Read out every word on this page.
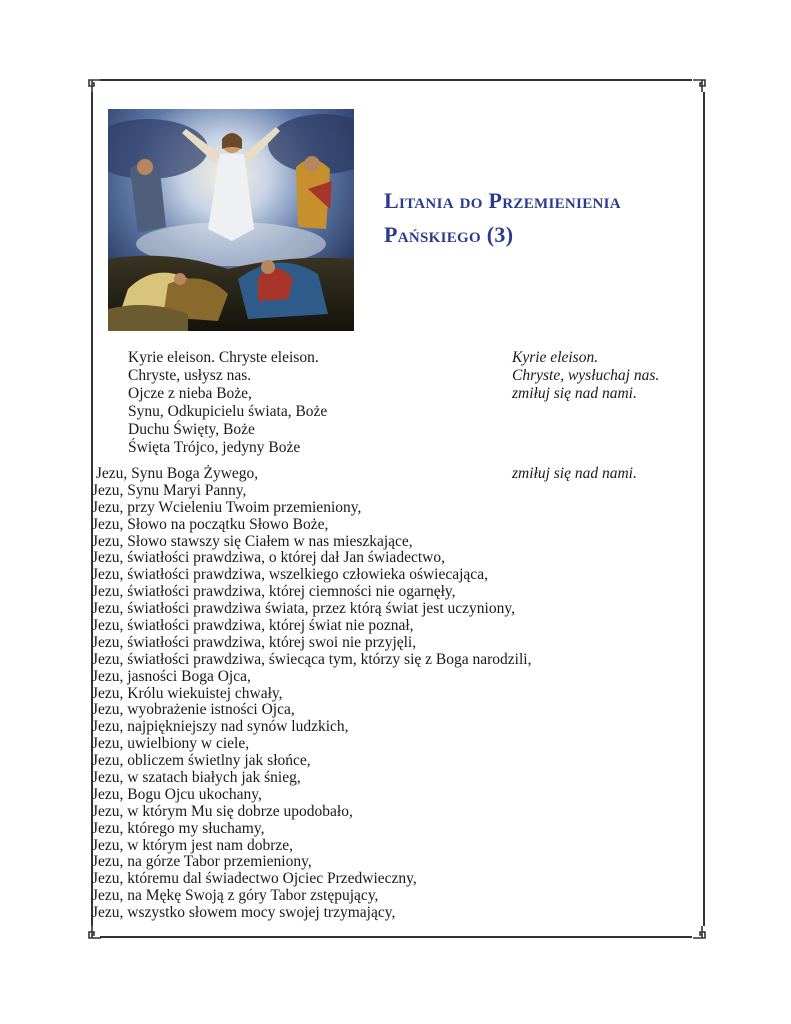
Litania do Przemienienia
Pańskiego (3)
Kyrie eleison. Chryste eleison.	Kyrie eleison.
Chryste, usłysz nas.	Chryste, wysłuchaj nas.
Ojcze z nieba Boże,	zmiłuj się nad nami.
Synu, Odkupicielu świata, Boże
Duchu Święty, Boże
Święta Trójco, jedyny Boże
Jezu, Synu Boga Żywego,	zmiłuj się nad nami.
Jezu, Synu Maryi Panny,
Jezu, przy Wcieleniu Twoim przemieniony,
Jezu, Słowo na początku Słowo Boże,
Jezu, Słowo stawszy się Ciałem w nas mieszkające,
Jezu, światłości prawdziwa, o której dał Jan świadectwo,
Jezu, światłości prawdziwa, wszelkiego człowieka oświecająca,
Jezu, światłości prawdziwa, której ciemności nie ogarnęły,
Jezu, światłości prawdziwa świata, przez którą świat jest uczyniony,
Jezu, światłości prawdziwa, której świat nie poznał,
Jezu, światłości prawdziwa, której swoi nie przyjęli,
Jezu, światłości prawdziwa, świecąca tym, którzy się z Boga narodzili,
Jezu, jasności Boga Ojca,
Jezu, Królu wiekuistej chwały,
Jezu, wyobrażenie istności Ojca,
Jezu, najpiękniejszy nad synów ludzkich,
Jezu, uwielbiony w ciele,
Jezu, obliczem świetlny jak słońce,
Jezu, w szatach białych jak śnieg,
Jezu, Bogu Ojcu ukochany,
Jezu, w którym Mu się dobrze upodobało,
Jezu, którego my słuchamy,
Jezu, w którym jest nam dobrze,
Jezu, na górze Tabor przemieniony,
Jezu, któremu dal świadectwo Ojciec Przedwieczny,
Jezu, na Mękę Swoją z góry Tabor zstępujący,
Jezu, wszystko słowem mocy swojej trzymający,
